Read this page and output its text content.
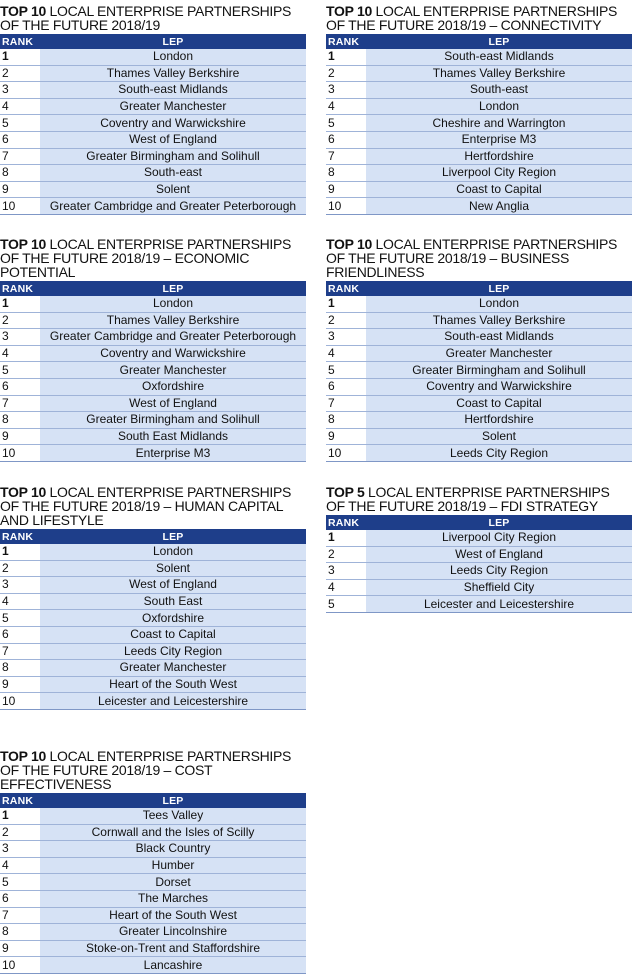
TOP 10 LOCAL ENTERPRISE PARTNERSHIPS OF THE FUTURE 2018/19
RANK	LEP
1	London
2	Thames Valley Berkshire
3	South-east Midlands
4	Greater Manchester
5	Coventry and Warwickshire
6	West of England
7	Greater Birmingham and Solihull
8	South-east
9	Solent
10	Greater Cambridge and Greater Peterborough
TOP 10 LOCAL ENTERPRISE PARTNERSHIPS OF THE FUTURE 2018/19 – CONNECTIVITY
RANK	LEP
1	South-east Midlands
2	Thames Valley Berkshire
3	South-east
4	London
5	Cheshire and Warrington
6	Enterprise M3
7	Hertfordshire
8	Liverpool City Region
9	Coast to Capital
10	New Anglia
TOP 10 LOCAL ENTERPRISE PARTNERSHIPS OF THE FUTURE 2018/19 – ECONOMIC POTENTIAL
RANK	LEP
1	London
2	Thames Valley Berkshire
3	Greater Cambridge and Greater Peterborough
4	Coventry and Warwickshire
5	Greater Manchester
6	Oxfordshire
7	West of England
8	Greater Birmingham and Solihull
9	South East Midlands
10	Enterprise M3
TOP 10 LOCAL ENTERPRISE PARTNERSHIPS OF THE FUTURE 2018/19 – BUSINESS FRIENDLINESS
RANK	LEP
1	London
2	Thames Valley Berkshire
3	South-east Midlands
4	Greater Manchester
5	Greater Birmingham and Solihull
6	Coventry and Warwickshire
7	Coast to Capital
8	Hertfordshire
9	Solent
10	Leeds City Region
TOP 10 LOCAL ENTERPRISE PARTNERSHIPS OF THE FUTURE 2018/19 – HUMAN CAPITAL AND LIFESTYLE
RANK	LEP
1	London
2	Solent
3	West of England
4	South East
5	Oxfordshire
6	Coast to Capital
7	Leeds City Region
8	Greater Manchester
9	Heart of the South West
10	Leicester and Leicestershire
TOP 5 LOCAL ENTERPRISE PARTNERSHIPS OF THE FUTURE 2018/19 – FDI STRATEGY
RANK	LEP
1	Liverpool City Region
2	West of England
3	Leeds City Region
4	Sheffield City
5	Leicester and Leicestershire
TOP 10 LOCAL ENTERPRISE PARTNERSHIPS OF THE FUTURE 2018/19 – COST EFFECTIVENESS
RANK	LEP
1	Tees Valley
2	Cornwall and the Isles of Scilly
3	Black Country
4	Humber
5	Dorset
6	The Marches
7	Heart of the South West
8	Greater Lincolnshire
9	Stoke-on-Trent and Staffordshire
10	Lancashire
